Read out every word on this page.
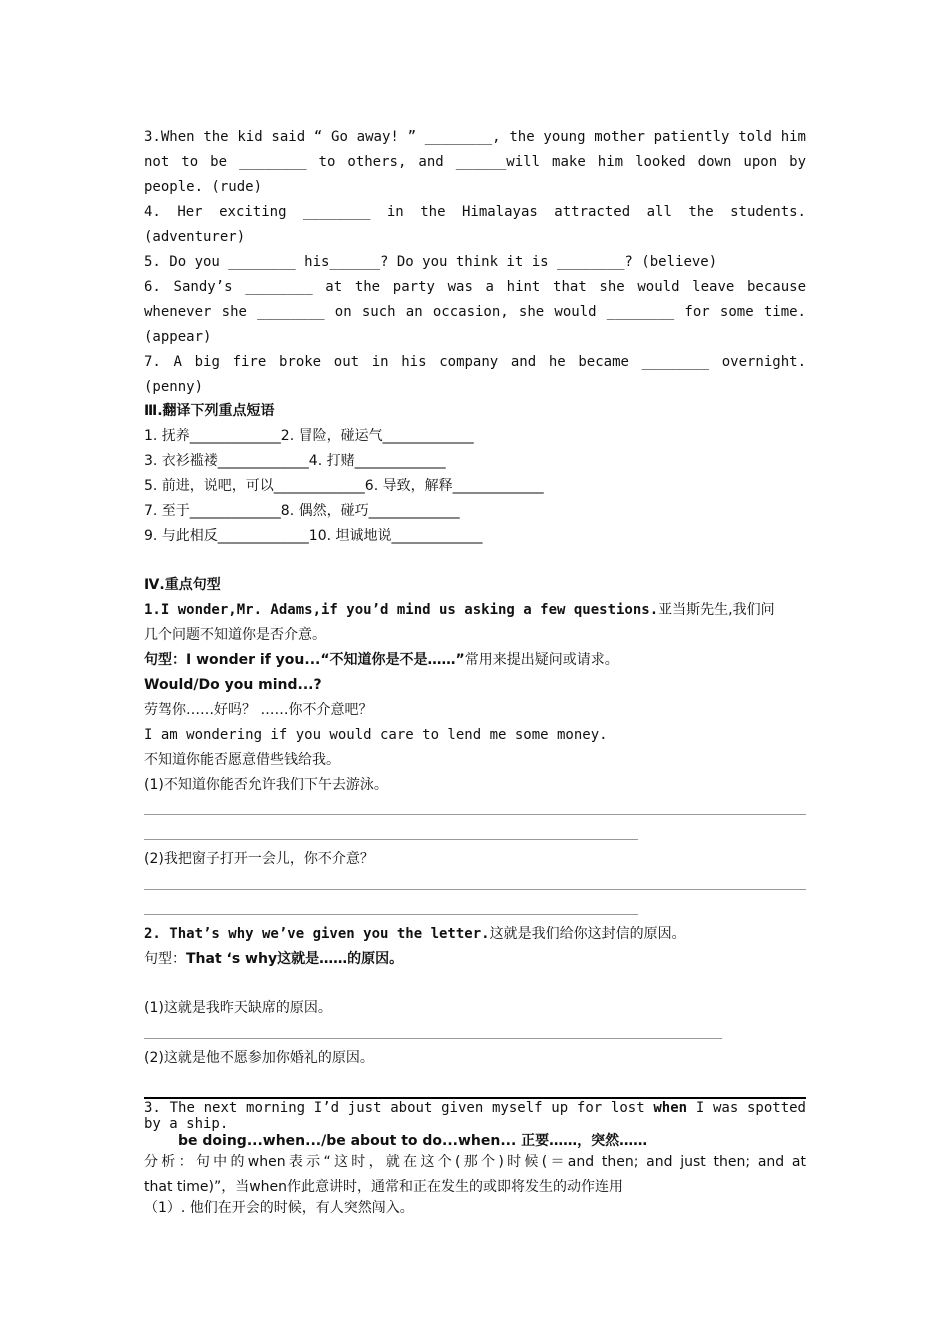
3.When the kid said “ Go away! ” ________, the young mother patiently told him
not to be ________ to others, and ______will make him looked down upon by
people. (rude)
4. Her exciting ________ in the Himalayas attracted all the students.
(adventurer)
5. Do you ________ his______? Do you think it is ________? (believe)
6. Sandy’s ________ at the party was a hint that she would leave because
whenever she ________ on such an occasion, she would ________ for some time.
(appear)
7. A big fire broke out in his company and he became ________ overnight.
(penny)
Ⅲ.翻译下列重点短语
1. 抚养_____________2. 冒险，碰运气_____________
3. 衣衫褴褛_____________4. 打赌_____________
5. 前进，说吧，可以_____________6. 导致，解释_____________
7. 至于_____________8. 偶然，碰巧_____________
9. 与此相反_____________10. 坦诚地说_____________
Ⅳ.重点句型
1.I wonder,Mr. Adams,if you’d mind us asking a few questions.亚当斯先生,我们问
几个问题不知道你是否介意。
句型：I wonder if you...“不知道你是不是……”常用来提出疑问或请求。
Would/Do you mind...?
劳驾你……好吗？ ……你不介意吧？
I am wondering if you would care to lend me some money.
不知道你能否愿意借些钱给我。
(1)不知道你能否允许我们下午去游泳。
(2)我把窗子打开一会儿，你不介意？
2. That’s why we’ve given you the letter.这就是我们给你这封信的原因。
句型：That ‘s why这就是……的原因。
(1)这就是我昨天缺席的原因。
(2)这就是他不愿参加你婚礼的原因。
3. The next morning I’d just about given myself up for lost when I was spotted
by a ship.
be doing...when.../be about to do...when... 正要……，突然……
分析：句中的when表示“这时，就在这个(那个)时候(＝and then; and just then; and at
that time)”，当when作此意讲时，通常和正在发生的或即将发生的动作连用
（1）. 他们在开会的时候，有人突然闯入。
